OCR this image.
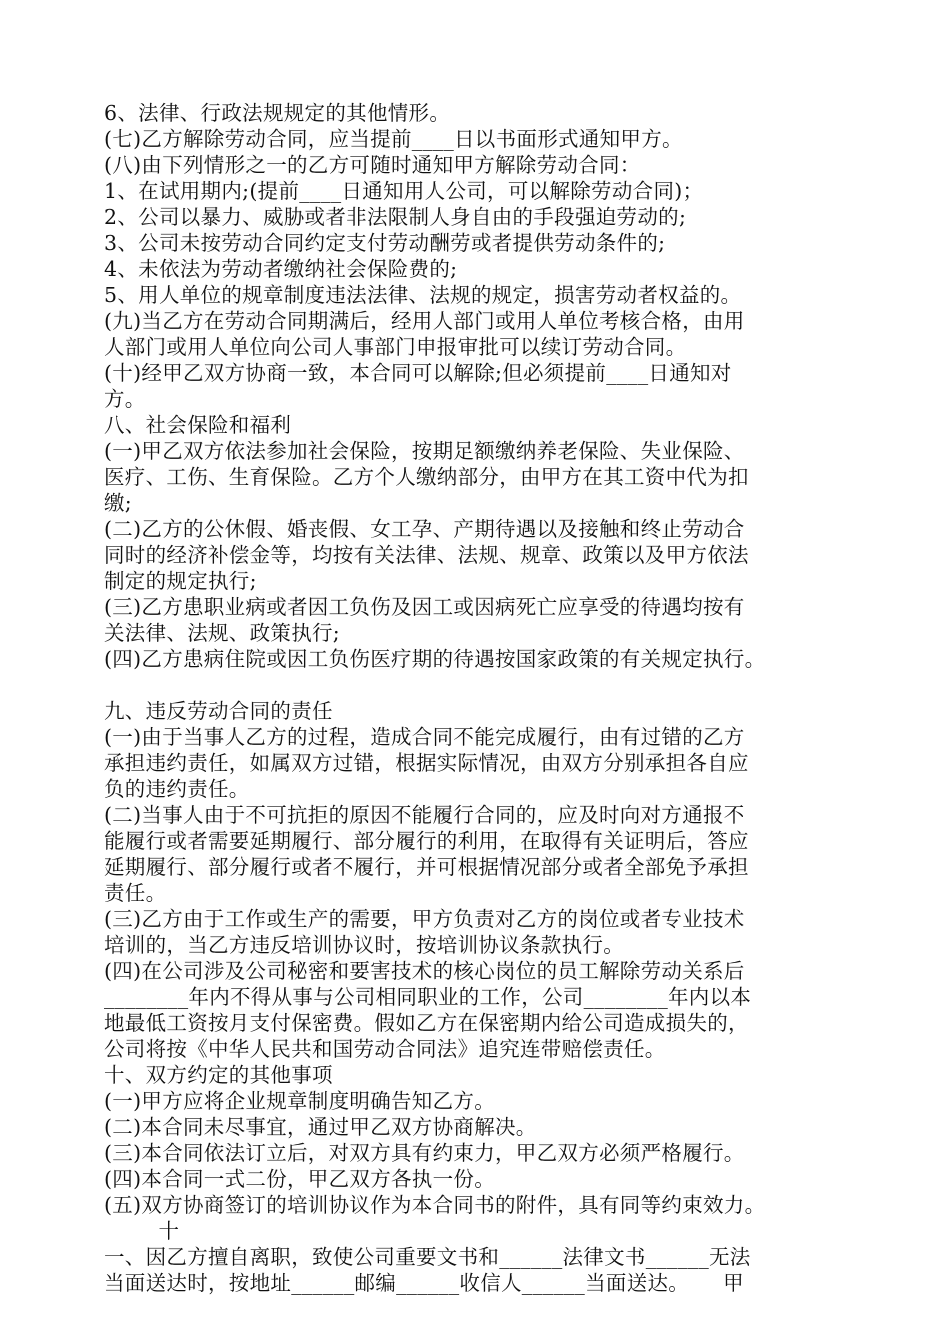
6、法律、行政法规规定的其他情形。
(七)乙方解除劳动合同，应当提前____日以书面形式通知甲方。
(八)由下列情形之一的乙方可随时通知甲方解除劳动合同：
1、在试用期内;(提前____日通知用人公司，可以解除劳动合同)；
2、公司以暴力、威胁或者非法限制人身自由的手段强迫劳动的;
3、公司未按劳动合同约定支付劳动酬劳或者提供劳动条件的;
4、未依法为劳动者缴纳社会保险费的;
5、用人单位的规章制度违法法律、法规的规定，损害劳动者权益的。
(九)当乙方在劳动合同期满后，经用人部门或用人单位考核合格，由用
人部门或用人单位向公司人事部门申报审批可以续订劳动合同。
(十)经甲乙双方协商一致，本合同可以解除;但必须提前____日通知对
方。
八、社会保险和福利
(一)甲乙双方依法参加社会保险，按期足额缴纳养老保险、失业保险、
医疗、工伤、生育保险。乙方个人缴纳部分，由甲方在其工资中代为扣
缴;
(二)乙方的公休假、婚丧假、女工孕、产期待遇以及接触和终止劳动合
同时的经济补偿金等，均按有关法律、法规、规章、政策以及甲方依法
制定的规定执行;
(三)乙方患职业病或者因工负伤及因工或因病死亡应享受的待遇均按有
关法律、法规、政策执行;
(四)乙方患病住院或因工负伤医疗期的待遇按国家政策的有关规定执行。
九、违反劳动合同的责任
(一)由于当事人乙方的过程，造成合同不能完成履行，由有过错的乙方
承担违约责任，如属双方过错，根据实际情况，由双方分别承担各自应
负的违约责任。
(二)当事人由于不可抗拒的原因不能履行合同的，应及时向对方通报不
能履行或者需要延期履行、部分履行的利用，在取得有关证明后，答应
延期履行、部分履行或者不履行，并可根据情况部分或者全部免予承担
责任。
(三)乙方由于工作或生产的需要，甲方负责对乙方的岗位或者专业技术
培训的，当乙方违反培训协议时，按培训协议条款执行。
(四)在公司涉及公司秘密和要害技术的核心岗位的员工解除劳动关系后
________年内不得从事与公司相同职业的工作，公司________年内以本
地最低工资按月支付保密费。假如乙方在保密期内给公司造成损失的，
公司将按《中华人民共和国劳动合同法》追究连带赔偿责任。
十、双方约定的其他事项
(一)甲方应将企业规章制度明确告知乙方。
(二)本合同未尽事宜，通过甲乙双方协商解决。
(三)本合同依法订立后，对双方具有约束力，甲乙双方必须严格履行。
(四)本合同一式二份，甲乙双方各执一份。
(五)双方协商签订的培训协议作为本合同书的附件，具有同等约束效力。
十
一、因乙方擅自离职，致使公司重要文书和______法律文书______无法
当面送达时，按地址______邮编______收信人______当面送达。     甲
